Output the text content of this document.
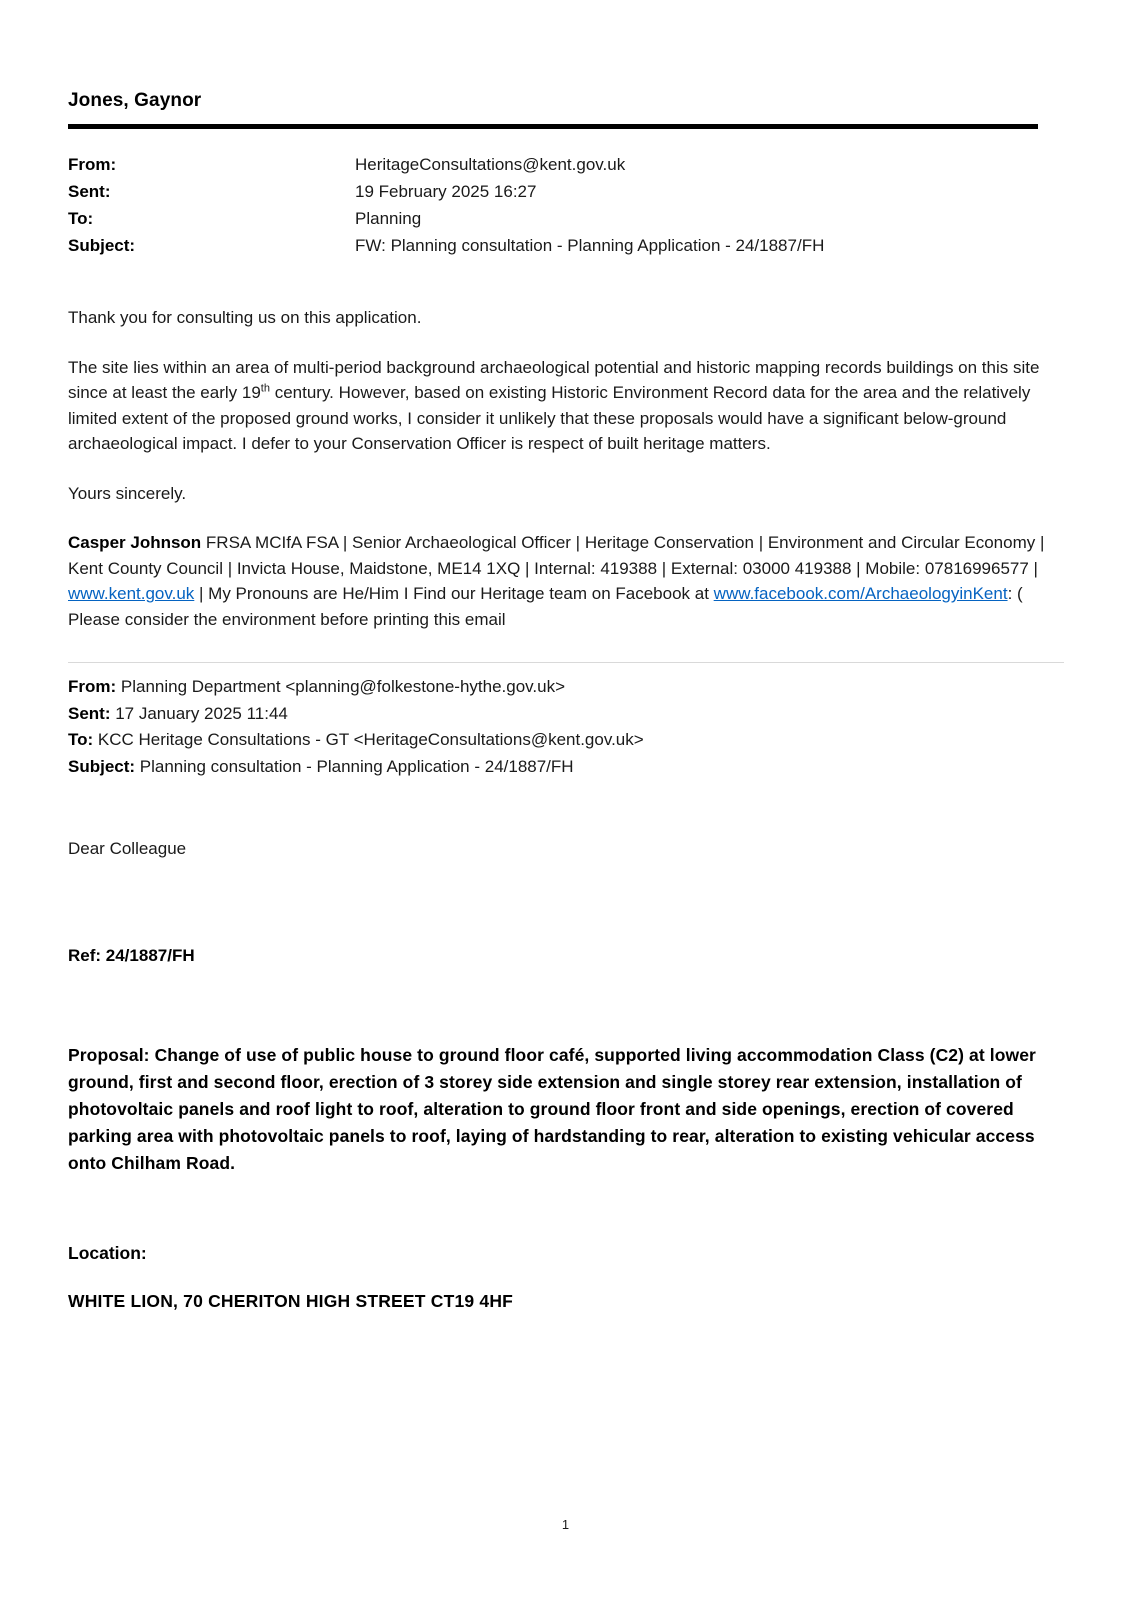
Jones, Gaynor
From:	HeritageConsultations@kent.gov.uk
Sent:	19 February 2025 16:27
To:	Planning
Subject:	FW: Planning consultation - Planning Application - 24/1887/FH

Thank you for consulting us on this application.

The site lies within an area of multi-period background archaeological potential and historic mapping records buildings on this site since at least the early 19th century. However, based on existing Historic Environment Record data for the area and the relatively limited extent of the proposed ground works, I consider it unlikely that these proposals would have a significant below-ground archaeological impact. I defer to your Conservation Officer is respect of built heritage matters.

Yours sincerely.

Casper Johnson FRSA MCIfA FSA | Senior Archaeological Officer | Heritage Conservation | Environment and Circular Economy | Kent County Council | Invicta House, Maidstone, ME14 1XQ | Internal: 419388 | External: 03000 419388 | Mobile: 07816996577 | www.kent.gov.uk | My Pronouns are He/Him I Find our Heritage team on Facebook at www.facebook.com/ArchaeologyinKent: ( Please consider the environment before printing this email

From: Planning Department <planning@folkestone-hythe.gov.uk>
Sent: 17 January 2025 11:44
To: KCC Heritage Consultations - GT <HeritageConsultations@kent.gov.uk>
Subject: Planning consultation - Planning Application - 24/1887/FH

Dear Colleague

Ref: 24/1887/FH

Proposal: Change of use of public house to ground floor café, supported living accommodation Class (C2) at lower ground, first and second floor, erection of 3 storey side extension and single storey rear extension, installation of photovoltaic panels and roof light to roof, alteration to ground floor front and side openings, erection of covered parking area with photovoltaic panels to roof, laying of hardstanding to rear, alteration to existing vehicular access onto Chilham Road.

Location:

WHITE LION, 70 CHERITON HIGH STREET CT19 4HF

1
